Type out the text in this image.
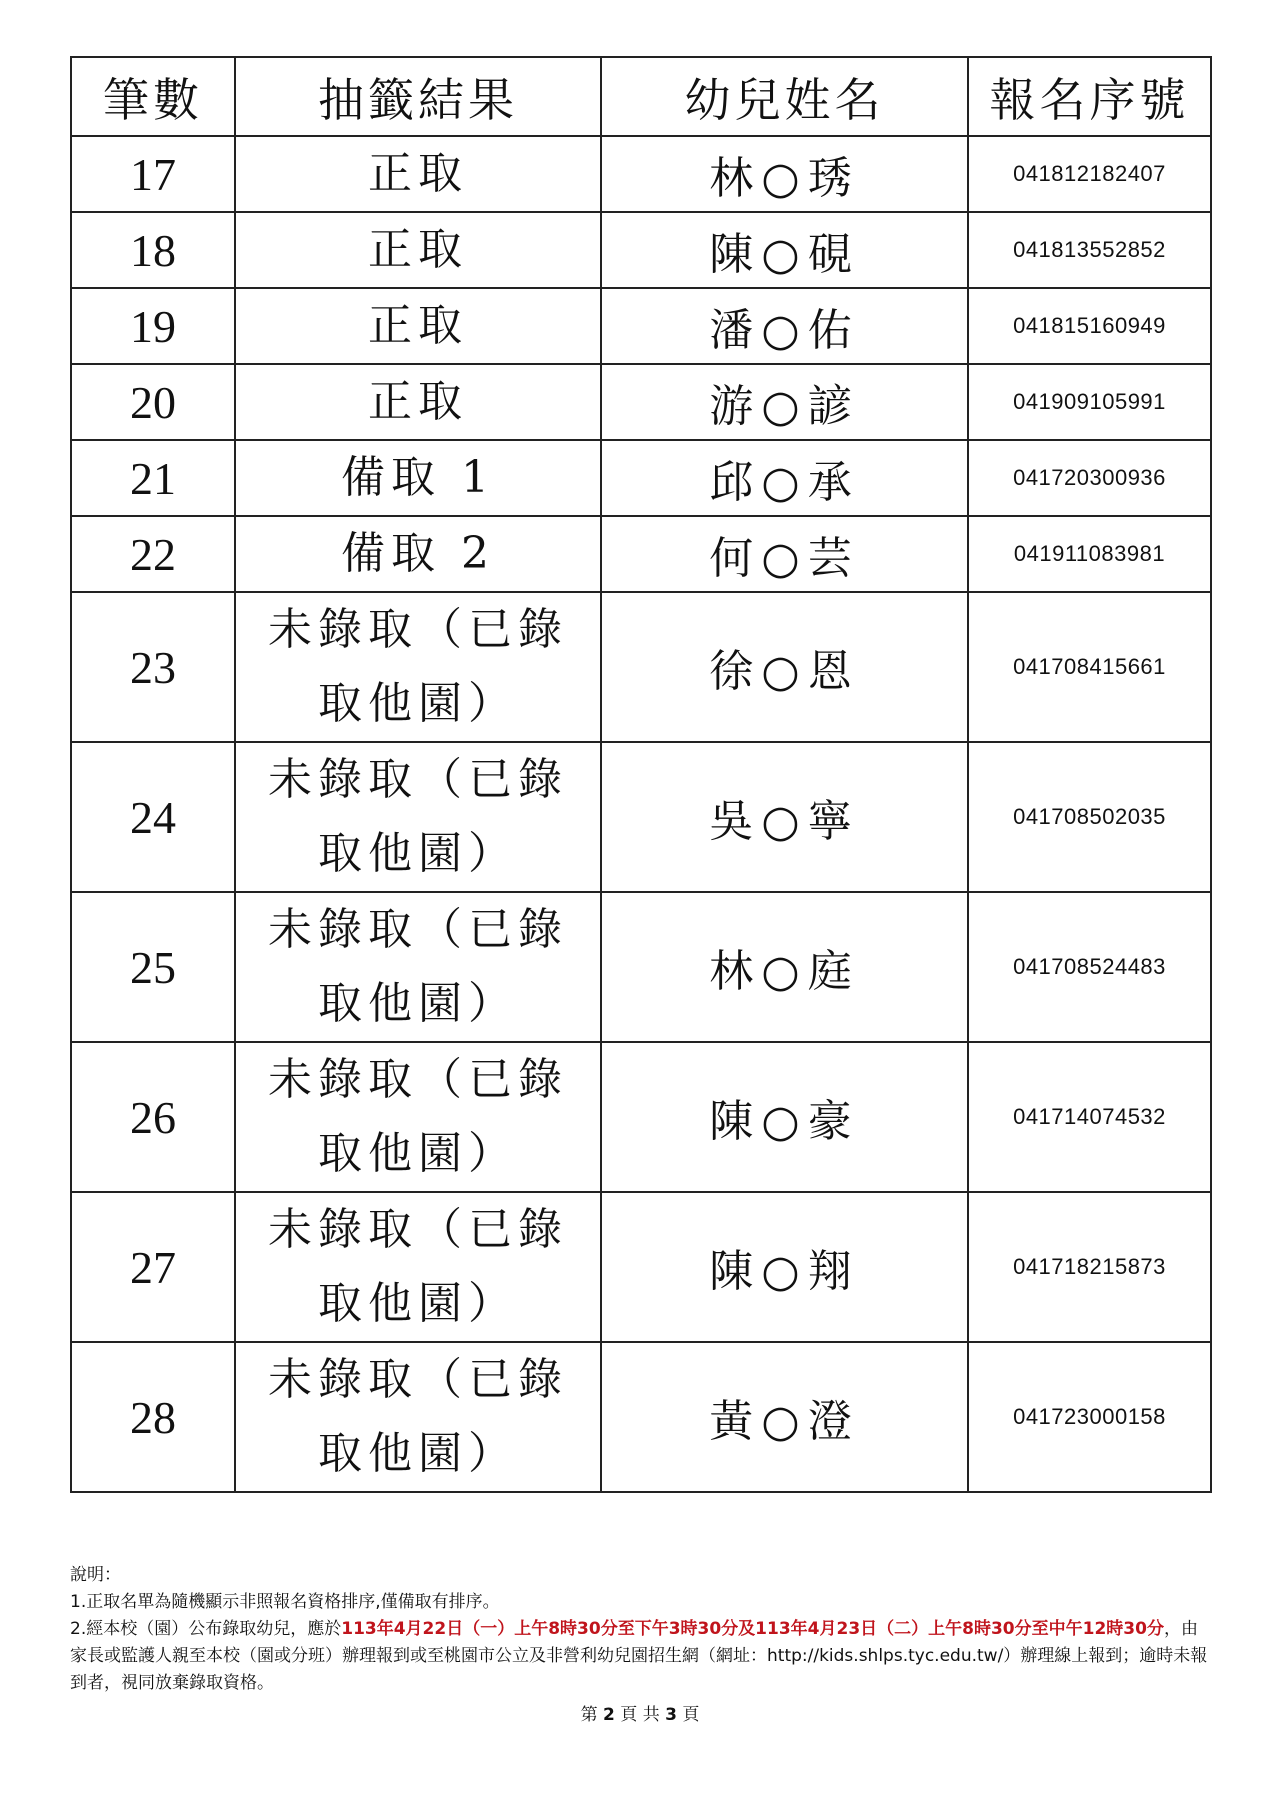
筆數	抽籤結果	幼兒姓名	報名序號
17	正取	林○琇	041812182407
18	正取	陳○硯	041813552852
19	正取	潘○佑	041815160949
20	正取	游○諺	041909105991
21	備取 1	邱○承	041720300936
22	備取 2	何○芸	041911083981
23	未錄取（已錄取他園）	徐○恩	041708415661
24	未錄取（已錄取他園）	吳○寧	041708502035
25	未錄取（已錄取他園）	林○庭	041708524483
26	未錄取（已錄取他園）	陳○豪	041714074532
27	未錄取（已錄取他園）	陳○翔	041718215873
28	未錄取（已錄取他園）	黃○澄	041723000158
說明：
1.正取名單為隨機顯示非照報名資格排序,僅備取有排序。
2.經本校（園）公布錄取幼兒，應於113年4月22日（一）上午8時30分至下午3時30分及113年4月23日（二）上午8時30分至中午12時30分，由家長或監護人親至本校（園或分班）辦理報到或至桃園市公立及非營利幼兒園招生網（網址：http://kids.shlps.tyc.edu.tw/）辦理線上報到；逾時未報到者，視同放棄錄取資格。
第 2 頁 共 3 頁
